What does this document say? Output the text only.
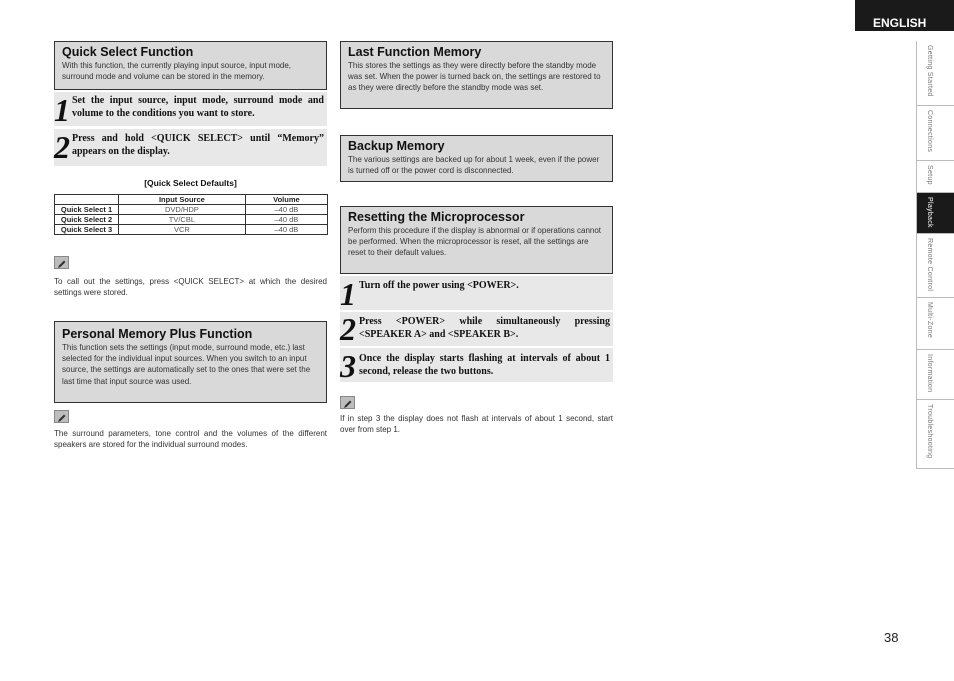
ENGLISH
Getting Started
Connections
Setup
Playback
Remote Control
Multi-Zone
Information
Troubleshooting
Quick Select Function
With this function, the currently playing input source, input mode, surround mode and volume can be stored in the memory.
1 Set the input source, input mode, surround mode and volume to the conditions you want to store.
2 Press and hold <QUICK SELECT> until “Memory” appears on the display.
[Quick Select Defaults]
	Input Source	Volume
Quick Select 1	DVD/HDP	–40 dB
Quick Select 2	TV/CBL	–40 dB
Quick Select 3	VCR	–40 dB
To call out the settings, press <QUICK SELECT> at which the desired settings were stored.
Personal Memory Plus Function
This function sets the settings (input mode, surround mode, etc.) last selected for the individual input sources. When you switch to an input source, the settings are automatically set to the ones that were set the last time that input source was used.
The surround parameters, tone control and the volumes of the different speakers are stored for the individual surround modes.
Last Function Memory
This stores the settings as they were directly before the standby mode was set. When the power is turned back on, the settings are restored to as they were directly before the standby mode was set.
Backup Memory
The various settings are backed up for about 1 week, even if the power is turned off or the power cord is disconnected.
Resetting the Microprocessor
Perform this procedure if the display is abnormal or if operations cannot be performed. When the microprocessor is reset, all the settings are reset to their default values.
1 Turn off the power using <POWER>.
2 Press <POWER> while simultaneously pressing <SPEAKER A> and <SPEAKER B>.
3 Once the display starts flashing at intervals of about 1 second, release the two buttons.
If in step 3 the display does not flash at intervals of about 1 second, start over from step 1.
38
